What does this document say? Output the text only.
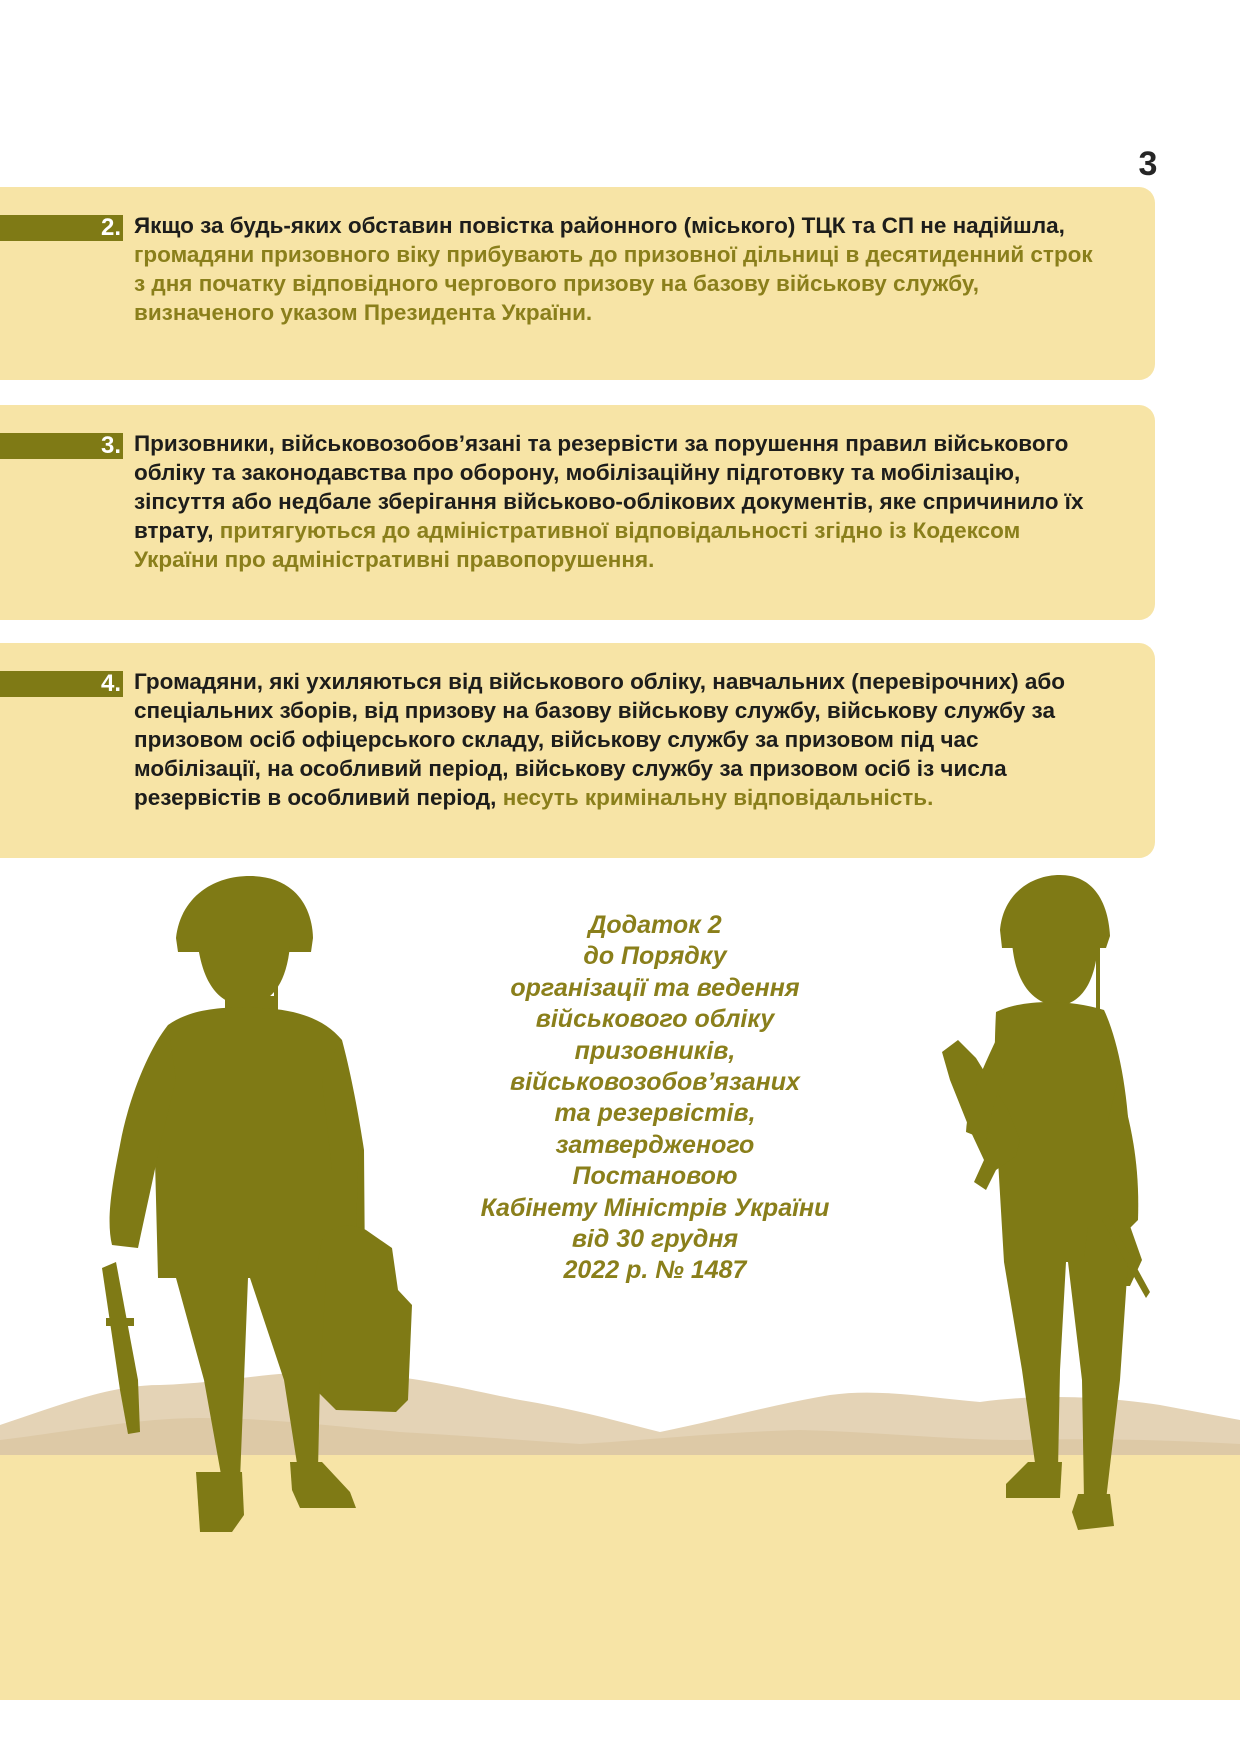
3
2. Якщо за будь-яких обставин повістка районного (міського) ТЦК та СП не надійшла, громадяни призовного віку прибувають до призовної дільниці в десятиденний строк з дня початку відповідного чергового призову на базову військову службу, визначеного указом Президента України.

3. Призовники, військовозобов’язані та резервісти за порушення правил військового обліку та законодавства про оборону, мобілізаційну підготовку та мобілізацію, зіпсуття або недбале зберігання військово-облікових документів, яке спричинило їх втрату, притягуються до адміністративної відповідальності згідно із Кодексом України про адміністративні правопорушення.

4. Громадяни, які ухиляються від військового обліку, навчальних (перевірочних) або спеціальних зборів, від призову на базову військову службу, військову службу за призовом осіб офіцерського складу, військову службу за призовом під час мобілізації, на особливий період, військову службу за призовом осіб із числа резервістів в особливий період, несуть кримінальну відповідальність.

Додаток 2
до Порядку
організації та ведення
військового обліку
призовників,
військовозобов’язаних
та резервістів,
затвердженого
Постановою
Кабінету Міністрів України
від 30 грудня
2022 р. № 1487
